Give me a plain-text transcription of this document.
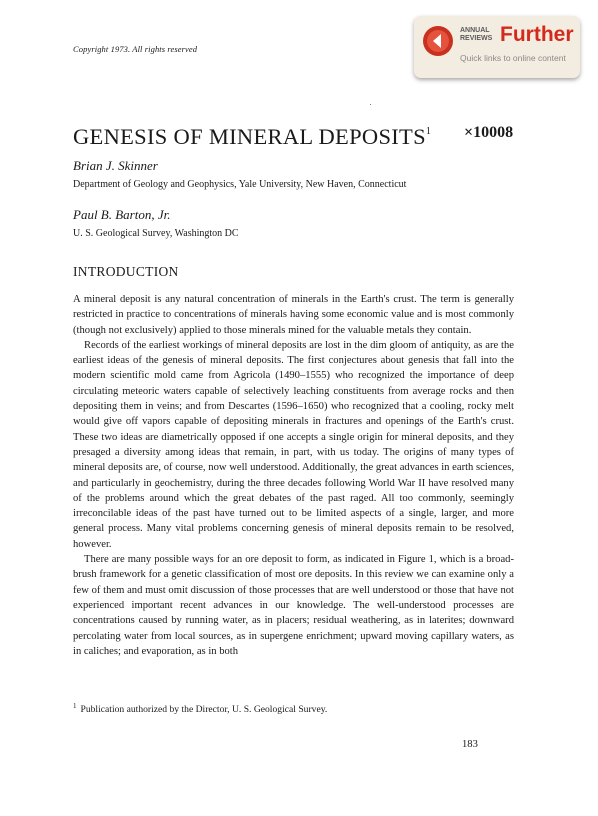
Copyright 1973. All rights reserved
ANNUAL REVIEWS Further
Quick links to online content
GENESIS OF MINERAL $DEPOSITS^1 \times 10008$
Brian J. Skinner
Department of Geology and Geophysics, Yale University, New Haven, Connecticut
Paul B. Barton, Jr.
U. S. Geological Survey, Washington DC
INTRODUCTION

A mineral deposit is any natural concentration of minerals in the Earth's crust. The term is generally restricted in practice to concentrations of minerals having some economic value and is most commonly (though not exclusively) applied to those minerals mined for the valuable metals they contain.

Records of the earliest workings of mineral deposits are lost in the dim gloom of antiquity, as are the earliest ideas of the genesis of mineral deposits. The first conjectures about genesis that fall into the modern scientific mold came from Agricola (1490–1555) who recognized the importance of deep circulating meteoric waters capable of selectively leaching constituents from average rocks and then depositing them in veins; and from Descartes (1596–1650) who recognized that a cooling, rocky melt would give off vapors capable of depositing minerals in fractures and openings of the Earth's crust. These two ideas are diametrically opposed if one accepts a single origin for mineral deposits, and they presaged a diversity among ideas that remain, in part, with us today. The origins of many types of mineral deposits are, of course, now well understood. Additionally, the great advances in earth sciences, and particularly in geochemistry, during the three decades following World War II have resolved many of the problems around which the great debates of the past raged. All too commonly, seemingly irreconcilable ideas of the past have turned out to be limited aspects of a single, larger, and more general process. Many vital problems concerning genesis of mineral deposits remain to be resolved, however.

There are many possible ways for an ore deposit to form, as indicated in Figure 1, which is a broad-brush framework for a genetic classification of most ore deposits. In this review we can examine only a few of them and must omit discussion of those processes that are well understood or those that have not experienced important recent advances in our knowledge. The well-understood processes are concentrations caused by running water, as in placers; residual weathering, as in laterites; downward percolating water from local sources, as in supergene enrichment; upward moving capillary waters, as in caliches; and evaporation, as in both

$^1$ Publication authorized by the Director, U. S. Geological Survey.
183
